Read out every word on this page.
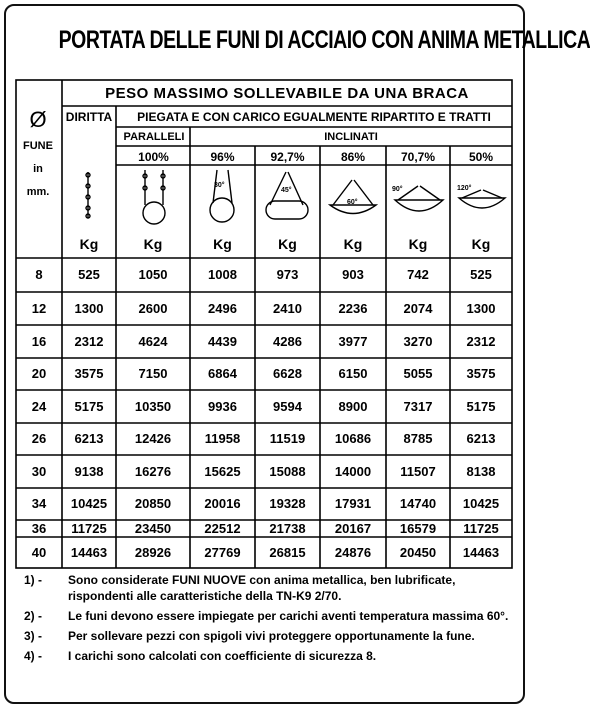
PORTATA DELLE FUNI DI ACCIAIO CON ANIMA METALLICA
30°
45°
60°
90°	120°
PESO MASSIMO SOLLEVABILE DA UNA BRACA
Ø
FUNE
in
mm.
DIRITTA	PIEGATA E CON CARICO EGUALMENTE RIPARTITO E TRATTI
PARALLELI	INCLINATI
100%	96%	92,7%	86%	70,7%	50%
Kg	Kg	Kg	Kg	Kg	Kg	Kg
8	525	1050	1008	973	903	742	525
12	1300	2600	2496	2410	2236	2074	1300
16	2312	4624	4439	4286	3977	3270	2312
20	3575	7150	6864	6628	6150	5055	3575
24	5175	10350	9936	9594	8900	7317	5175
26	6213	12426	11958	11519	10686	8785	6213
30	9138	16276	15625	15088	14000	11507	8138
34	10425	20850	20016	19328	17931	14740	10425
36	11725	23450	22512	21738	20167	16579	11725
40	14463	28926	27769	26815	24876	20450	14463
1) -	Sono considerate FUNI NUOVE con anima metallica, ben lubrificate, rispondenti alle caratteristiche della TN-K9 2/70.
2) -	Le funi devono essere impiegate per carichi aventi temperatura massima 60°.
3) -	Per sollevare pezzi con spigoli vivi proteggere opportunamente la fune.
4) -	I carichi sono calcolati con coefficiente di sicurezza 8.
